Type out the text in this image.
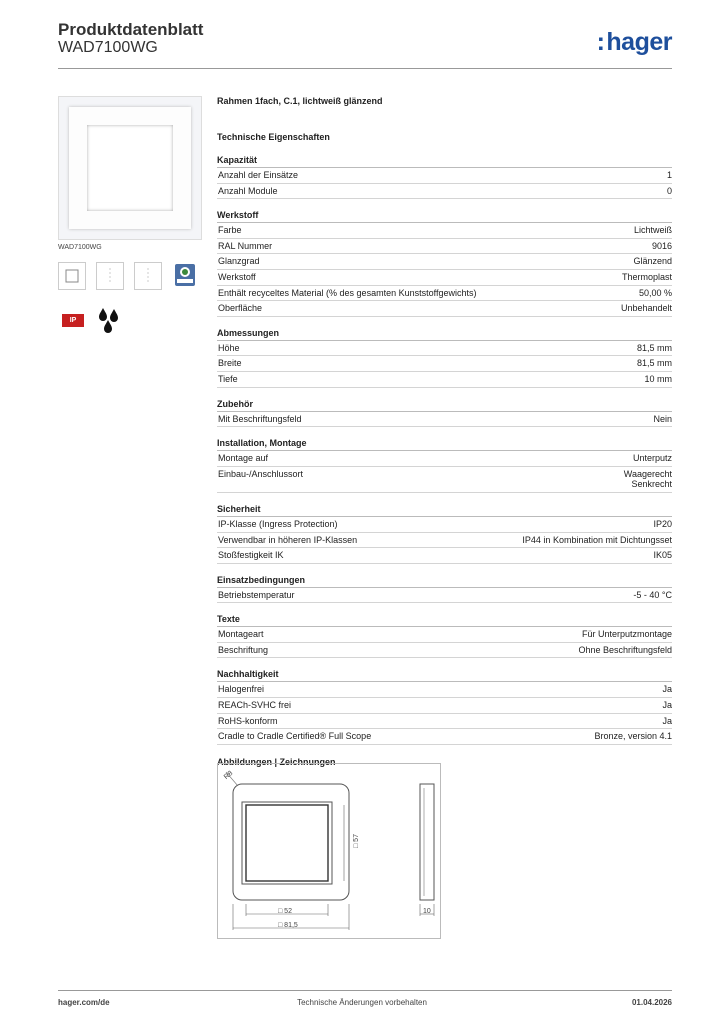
Produktdatenblatt
WAD7100WG	:hager
WAD7100WG
IP
Rahmen 1fach, C.1, lichtweiß glänzend
Technische Eigenschaften
Kapazität
Anzahl der Einsätze	1
Anzahl Module	0
Werkstoff
Farbe	Lichtweiß
RAL Nummer	9016
Glanzgrad	Glänzend
Werkstoff	Thermoplast
Enthält recyceltes Material (% des gesamten Kunststoffgewichts)	50,00 %
Oberfläche	Unbehandelt
Abmessungen
Höhe	81,5 mm
Breite	81,5 mm
Tiefe	10 mm
Zubehör
Mit Beschriftungsfeld	Nein
Installation, Montage
Montage auf	Unterputz
Einbau-/Anschlussort	Waagerecht
Senkrecht
Sicherheit
IP-Klasse (Ingress Protection)	IP20
Verwendbar in höheren IP-Klassen	IP44 in Kombination mit Dichtungsset
Stoßfestigkeit IK	IK05
Einsatzbedingungen
Betriebstemperatur	-5 - 40 °C
Texte
Montageart	Für Unterputzmontage
Beschriftung	Ohne Beschriftungsfeld
Nachhaltigkeit
Halogenfrei	Ja
REACh-SVHC frei	Ja
RoHS-konform	Ja
Cradle to Cradle Certified® Full Scope	Bronze, version 4.1
Abbildungen | Zeichnungen
R8
□ 57
□ 52
□ 81,5
10
hager.com/de	Technische Änderungen vorbehalten	01.04.2026
